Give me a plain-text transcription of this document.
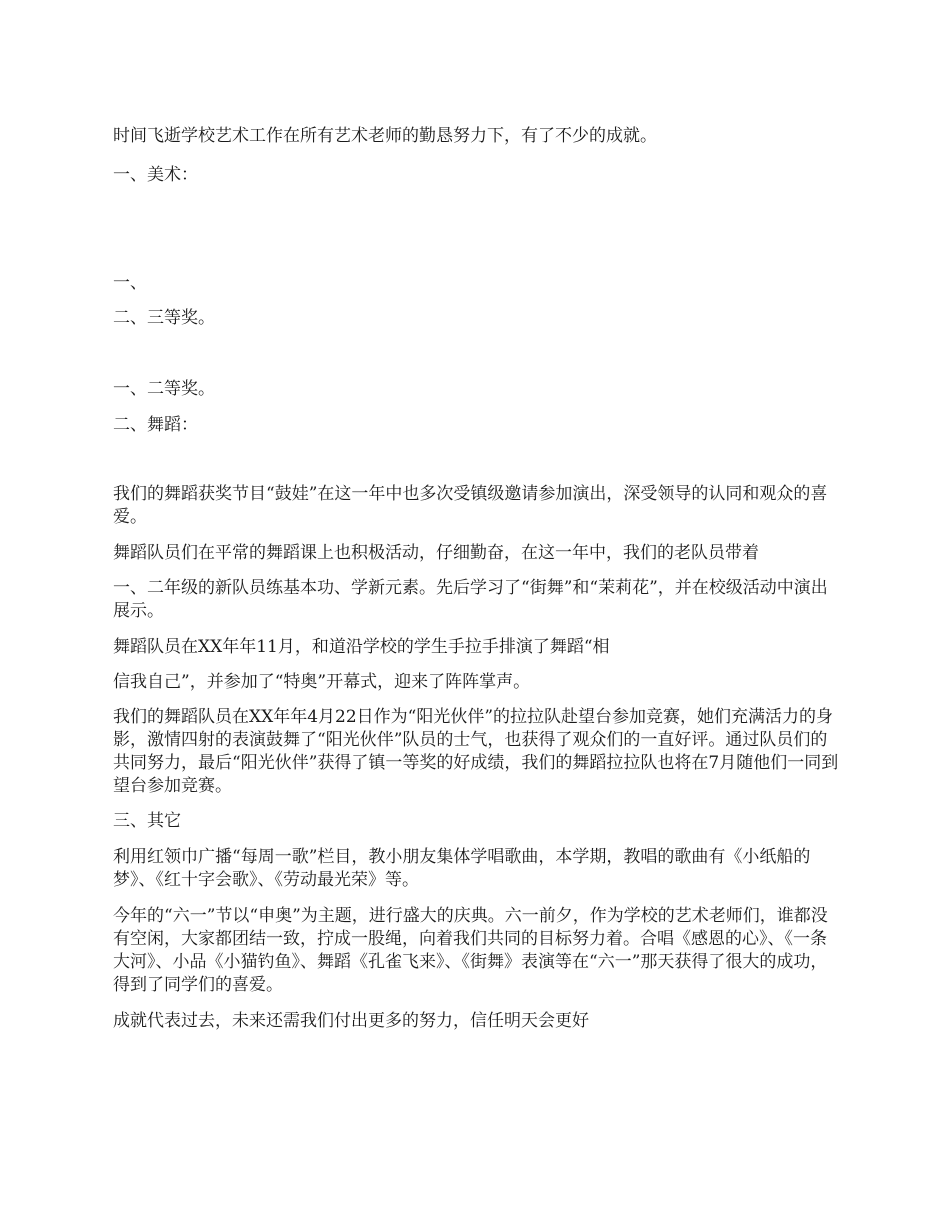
时间飞逝学校艺术工作在所有艺术老师的勤恳努力下，有了不少的成就。

一、美术：

一、

二、三等奖。

一、二等奖。

二、舞蹈：

我们的舞蹈获奖节目“鼓娃”在这一年中也多次受镇级邀请参加演出，深受领导的认同和观众的喜爱。

舞蹈队员们在平常的舞蹈课上也积极活动，仔细勤奋，在这一年中，我们的老队员带着

一、二年级的新队员练基本功、学新元素。先后学习了“街舞”和“茉莉花”，并在校级活动中演出展示。

舞蹈队员在XX年年11月，和道沿学校的学生手拉手排演了舞蹈“相

信我自己”，并参加了“特奥”开幕式，迎来了阵阵掌声。

我们的舞蹈队员在XX年年4月22日作为“阳光伙伴”的拉拉队赴望台参加竞赛，她们充满活力的身影，激情四射的表演鼓舞了“阳光伙伴”队员的士气，也获得了观众们的一直好评。通过队员们的共同努力，最后“阳光伙伴”获得了镇一等奖的好成绩，我们的舞蹈拉拉队也将在7月随他们一同到望台参加竞赛。

三、其它

利用红领巾广播“每周一歌”栏目，教小朋友集体学唱歌曲，本学期，教唱的歌曲有《小纸船的梦》、《红十字会歌》、《劳动最光荣》等。

今年的“六一”节以“申奥”为主题，进行盛大的庆典。六一前夕，作为学校的艺术老师们，谁都没有空闲，大家都团结一致，拧成一股绳，向着我们共同的目标努力着。合唱《感恩的心》、《一条大河》、小品《小猫钓鱼》、舞蹈《孔雀飞来》、《街舞》表演等在“六一”那天获得了很大的成功，得到了同学们的喜爱。

成就代表过去，未来还需我们付出更多的努力，信任明天会更好
